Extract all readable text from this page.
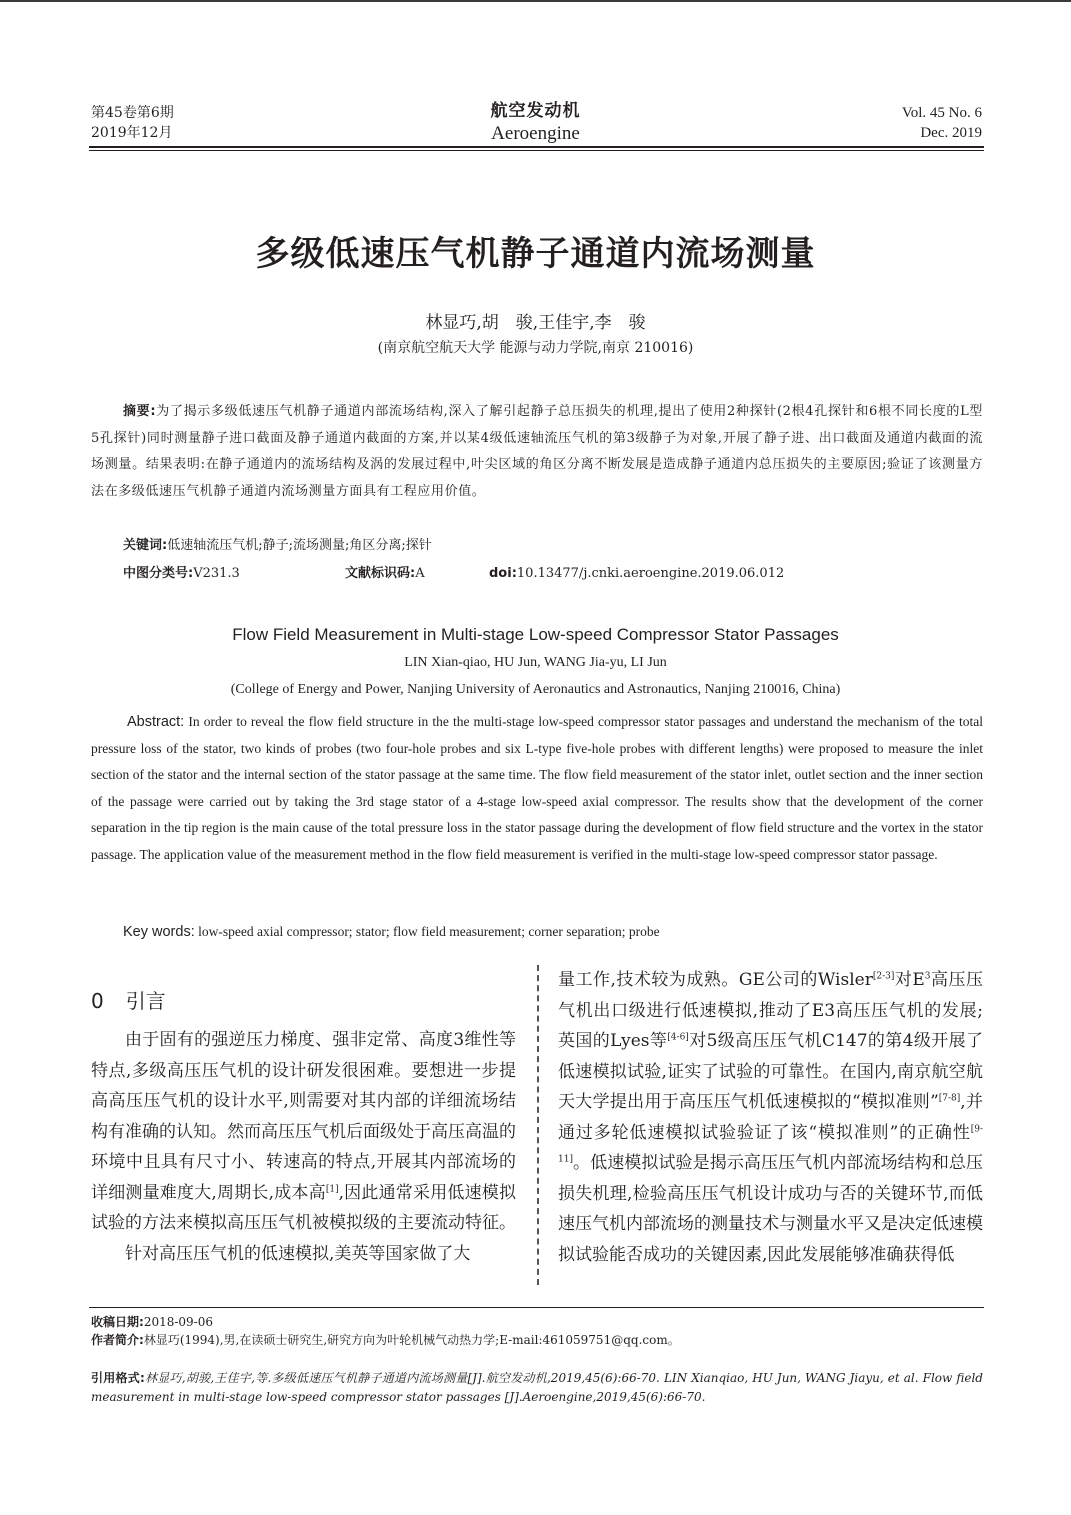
第45卷第6期
2019年12月
航空发动机
Aeroengine
Vol. 45 No. 6
Dec. 2019
多级低速压气机静子通道内流场测量
林显巧,胡　骏,王佳宇,李　骏
(南京航空航天大学 能源与动力学院,南京 210016)
摘要:为了揭示多级低速压气机静子通道内部流场结构,深入了解引起静子总压损失的机理,提出了使用2种探针(2根4孔探针和6根不同长度的L型5孔探针)同时测量静子进口截面及静子通道内截面的方案,并以某4级低速轴流压气机的第3级静子为对象,开展了静子进、出口截面及通道内截面的流场测量。结果表明:在静子通道内的流场结构及涡的发展过程中,叶尖区域的角区分离不断发展是造成静子通道内总压损失的主要原因;验证了该测量方法在多级低速压气机静子通道内流场测量方面具有工程应用价值。
关键词:低速轴流压气机;静子;流场测量;角区分离;探针
中图分类号:V231.3	文献标识码:A	doi:10.13477/j.cnki.aeroengine.2019.06.012
Flow Field Measurement in Multi-stage Low-speed Compressor Stator Passages
LIN Xian-qiao, HU Jun, WANG Jia-yu, LI Jun
(College of Energy and Power, Nanjing University of Aeronautics and Astronautics, Nanjing 210016, China)
Abstract: In order to reveal the flow field structure in the the multi-stage low-speed compressor stator passages and understand the mechanism of the total pressure loss of the stator, two kinds of probes (two four-hole probes and six L-type five-hole probes with different lengths) were proposed to measure the inlet section of the stator and the internal section of the stator passage at the same time. The flow field measurement of the stator inlet, outlet section and the inner section of the passage were carried out by taking the 3rd stage stator of a 4-stage low-speed axial compressor. The results show that the development of the corner separation in the tip region is the main cause of the total pressure loss in the stator passage during the development of flow field structure and the vortex in the stator passage. The application value of the measurement method in the flow field measurement is verified in the multi-stage low-speed compressor stator passage.
Key words: low-speed axial compressor; stator; flow field measurement; corner separation; probe
0 引言

由于固有的强逆压力梯度、强非定常、高度3维性等特点,多级高压压气机的设计研发很困难。要想进一步提高高压压气机的设计水平,则需要对其内部的详细流场结构有准确的认知。然而高压压气机后面级处于高压高温的环境中且具有尺寸小、转速高的特点,开展其内部流场的详细测量难度大,周期长,成本高[1],因此通常采用低速模拟试验的方法来模拟高压压气机被模拟级的主要流动特征。

针对高压压气机的低速模拟,美英等国家做了大

量工作,技术较为成熟。GE公司的Wisler[2-3]对$E^3$高压压气机出口级进行低速模拟,推动了E3高压压气机的发展;英国的Lyes等[4-6]对5级高压压气机C147的第4级开展了低速模拟试验,证实了试验的可靠性。在国内,南京航空航天大学提出用于高压压气机低速模拟的“模拟准则”[7-8],并通过多轮低速模拟试验验证了该“模拟准则”的正确性[9-11]。低速模拟试验是揭示高压压气机内部流场结构和总压损失机理,检验高压压气机设计成功与否的关键环节,而低速压气机内部流场的测量技术与测量水平又是决定低速模拟试验能否成功的关键因素,因此发展能够准确获得低

收稿日期:2018-09-06
作者简介:林显巧(1994),男,在读硕士研究生,研究方向为叶轮机械气动热力学;E-mail:461059751@qq.com。
引用格式:林显巧,胡骏,王佳宇,等.多级低速压气机静子通道内流场测量[J].航空发动机,2019,45(6):66-70. LIN Xianqiao, HU Jun, WANG Jiayu, et al. Flow field measurement in multi-stage low-speed compressor stator passages [J].Aeroengine,2019,45(6):66-70.
